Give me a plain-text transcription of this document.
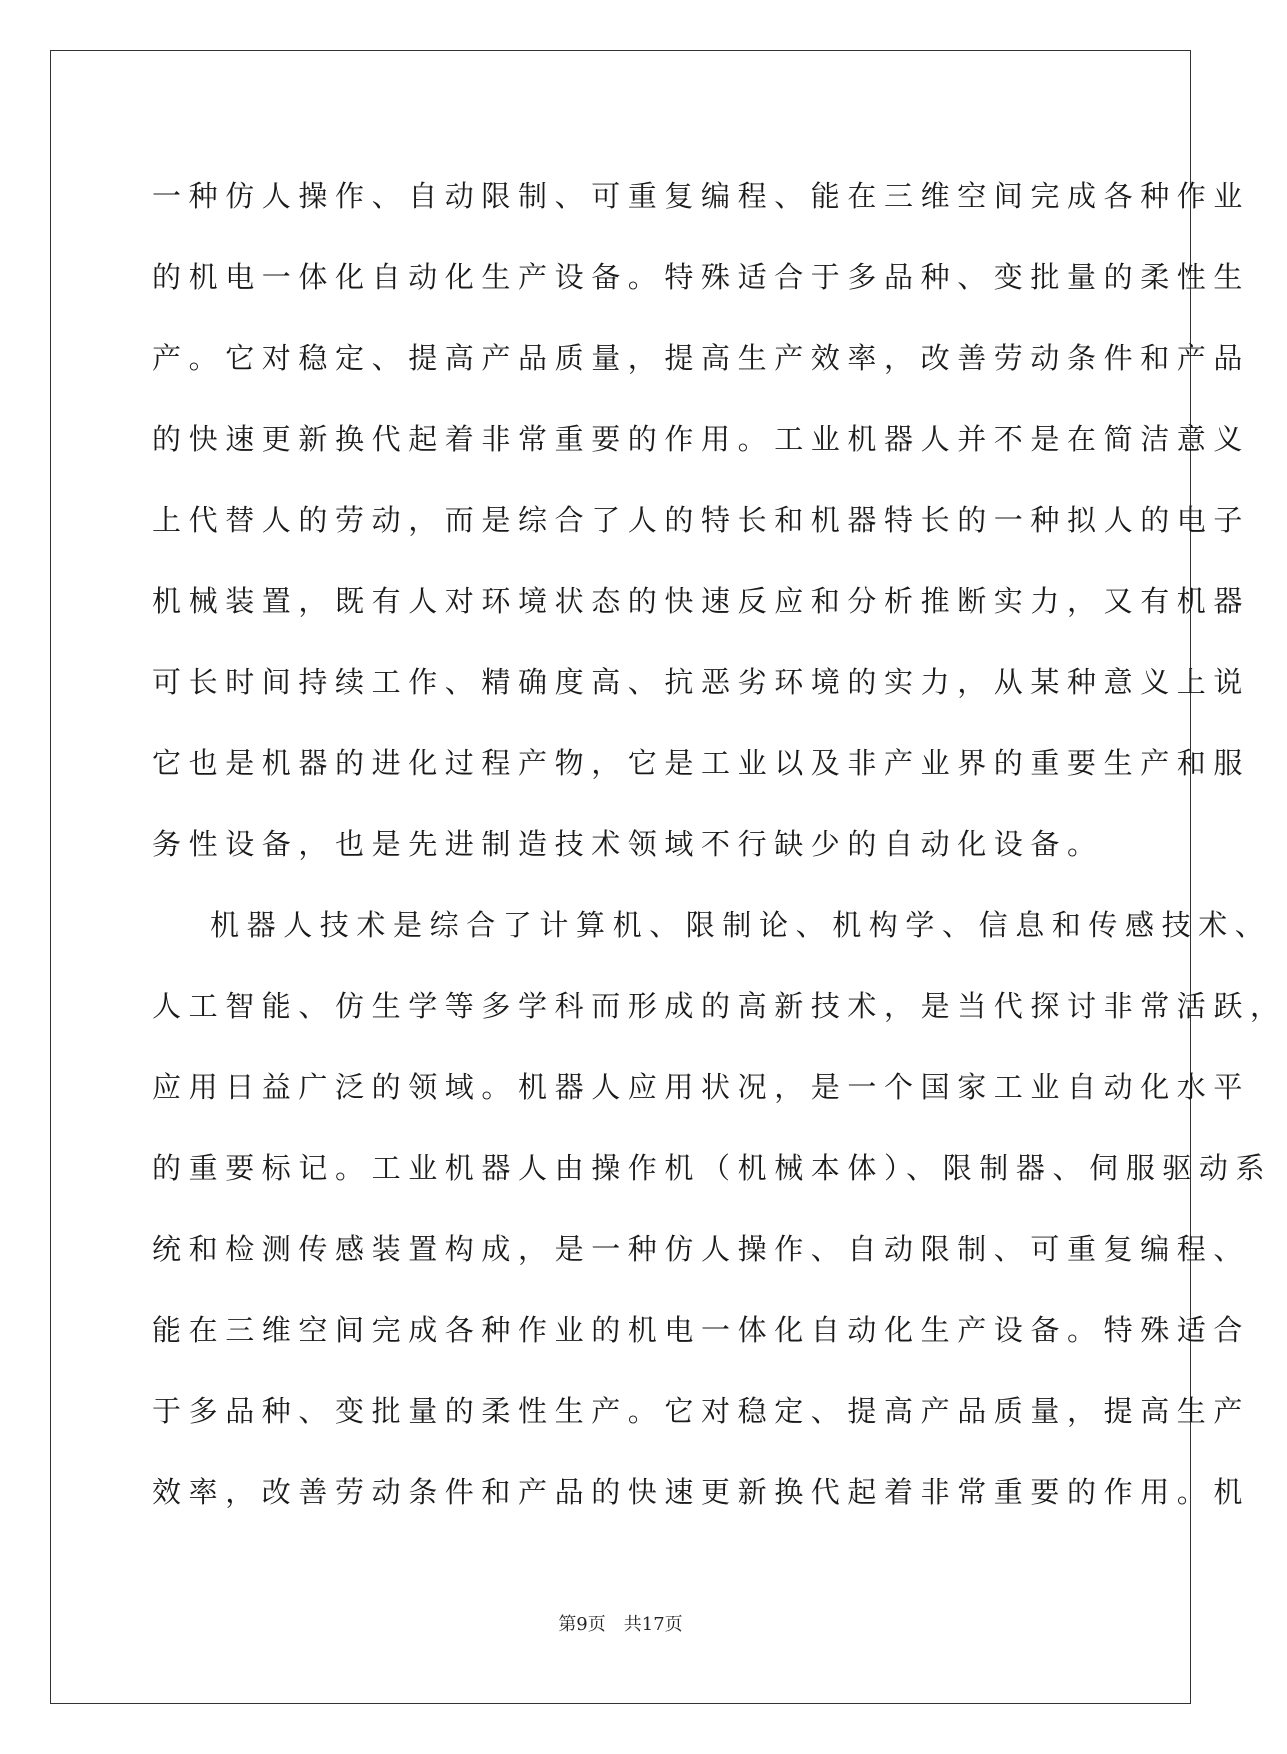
一种仿人操作、自动限制、可重复编程、能在三维空间完成各种作业
的机电一体化自动化生产设备。特殊适合于多品种、变批量的柔性生
产。它对稳定、提高产品质量，提高生产效率，改善劳动条件和产品
的快速更新换代起着非常重要的作用。工业机器人并不是在简洁意义
上代替人的劳动，而是综合了人的特长和机器特长的一种拟人的电子
机械装置，既有人对环境状态的快速反应和分析推断实力，又有机器
可长时间持续工作、精确度高、抗恶劣环境的实力，从某种意义上说
它也是机器的进化过程产物，它是工业以及非产业界的重要生产和服
务性设备，也是先进制造技术领域不行缺少的自动化设备。
机器人技术是综合了计算机、限制论、机构学、信息和传感技术、
人工智能、仿生学等多学科而形成的高新技术，是当代探讨非常活跃，
应用日益广泛的领域。机器人应用状况，是一个国家工业自动化水平
的重要标记。工业机器人由操作机（机械本体）、限制器、伺服驱动系
统和检测传感装置构成，是一种仿人操作、自动限制、可重复编程、
能在三维空间完成各种作业的机电一体化自动化生产设备。特殊适合
于多品种、变批量的柔性生产。它对稳定、提高产品质量，提高生产
效率，改善劳动条件和产品的快速更新换代起着非常重要的作用。机
第9页 共17页
